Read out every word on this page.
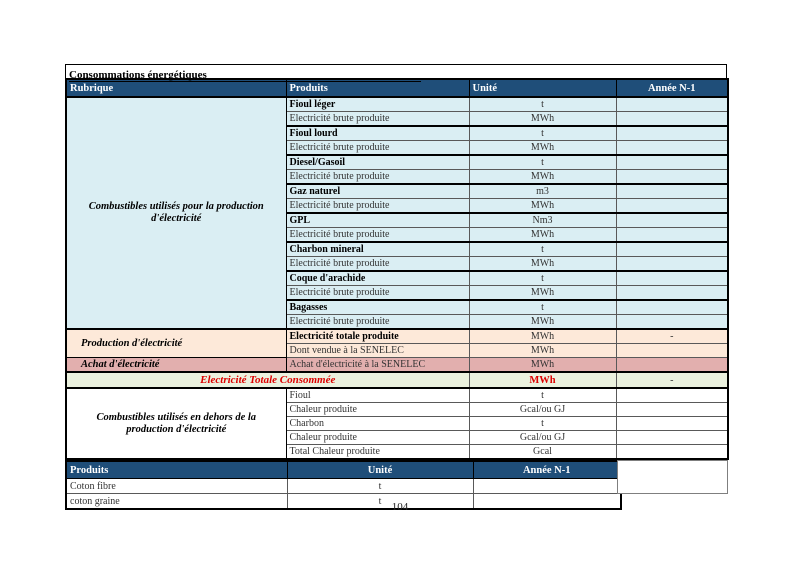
Consommations énergétiques
Rubrique	Produits	Unité	Année N-1
Combustibles utilisés pour la production d'électricité	Fioul léger	t	
	Electricité brute produite	MWh	
	Fioul lourd	t	
	Electricité brute produite	MWh	
	Diesel/Gasoil	t	
	Electricité brute produite	MWh	
	Gaz naturel	m3	
	Electricité brute produite	MWh	
	GPL	Nm3	
	Electricité brute produite	MWh	
	Charbon mineral	t	
	Electricité brute produite	MWh	
	Coque d'arachide	t	
	Electricité brute produite	MWh	
	Bagasses	t	
	Electricité brute produite	MWh	
Production d'électricité	Electricité totale produite	MWh	-
	Dont vendue à la SENELEC	MWh	
Achat d'électricité	Achat d'électricité à la SENELEC	MWh	
Electricité Totale Consommée		MWh	-
Combustibles utilisés en dehors de la production d'électricité	Fioul	t	
	Chaleur produite	Gcal/ou GJ	
	Charbon	t	
	Chaleur produite	Gcal/ou GJ	
	Total Chaleur produite	Gcal	
Produits	Unité	Année N-1
Coton fibre	t	
coton graine	t	104
